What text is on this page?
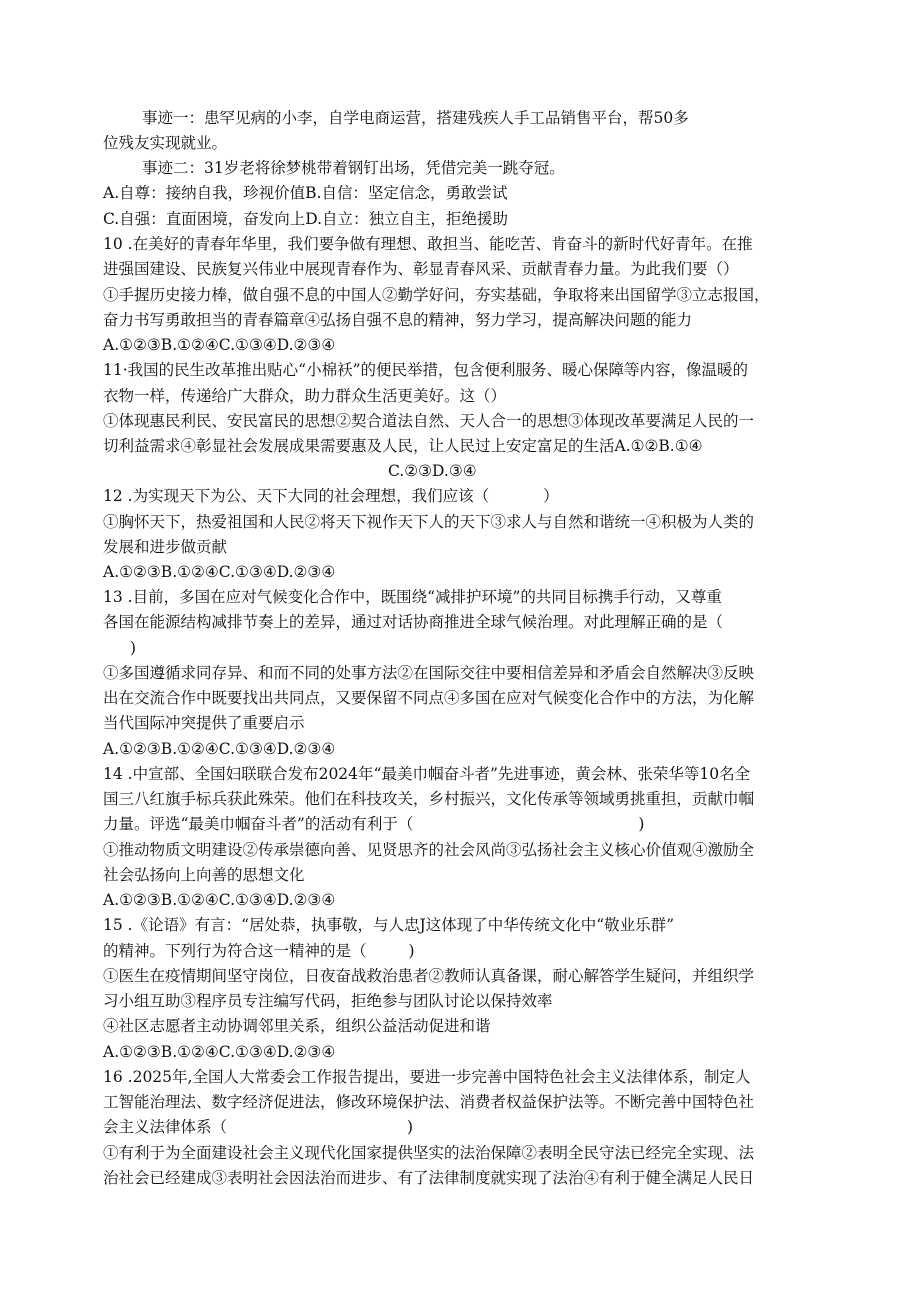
事迹一：患罕见病的小李，自学电商运营，搭建残疾人手工品销售平台，帮50多
位残友实现就业。
事迹二：31岁老将徐梦桃带着钢钉出场，凭借完美一跳夺冠。
A.自尊：接纳自我，珍视价值B.自信：坚定信念，勇敢尝试
C.自强：直面困境，奋发向上D.自立：独立自主，拒绝援助
10 .在美好的青春年华里，我们要争做有理想、敢担当、能吃苦、肯奋斗的新时代好青年。在推
进强国建设、民族复兴伟业中展现青春作为、彰显青春风采、贡献青春力量。为此我们要（）
①手握历史接力棒，做自强不息的中国人②勤学好问，夯实基础，争取将来出国留学③立志报国，
奋力书写勇敢担当的青春篇章④弘扬自强不息的精神，努力学习，提高解决问题的能力
A.①②③B.①②④C.①③④D.②③④
11·我国的民生改革推出贴心“小棉袄”的便民举措，包含便利服务、暖心保障等内容，像温暖的
衣物一样，传递给广大群众，助力群众生活更美好。这（）
①体现惠民利民、安民富民的思想②契合道法自然、天人合一的思想③体现改革要满足人民的一
切利益需求④彰显社会发展成果需要惠及人民，让人民过上安定富足的生活A.①②B.①④
C.②③D.③④
12 .为实现天下为公、天下大同的社会理想，我们应该（	）
①胸怀天下，热爱祖国和人民②将天下视作天下人的天下③求人与自然和谐统一④积极为人类的
发展和进步做贡献
A.①②③B.①②④C.①③④D.②③④
13 .目前，多国在应对气候变化合作中，既围绕“减排护环境”的共同目标携手行动，又尊重
各国在能源结构减排节奏上的差异，通过对话协商推进全球气候治理。对此理解正确的是（
)
①多国遵循求同存异、和而不同的处事方法②在国际交往中要相信差异和矛盾会自然解决③反映
出在交流合作中既要找出共同点，又要保留不同点④多国在应对气候变化合作中的方法，为化解
当代国际冲突提供了重要启示
A.①②③B.①②④C.①③④D.②③④
14 .中宣部、全国妇联联合发布2024年“最美巾帼奋斗者”先进事迹，黄会林、张荣华等10名全
国三八红旗手标兵获此殊荣。他们在科技攻关，乡村振兴，文化传承等领域勇挑重担，贡献巾帼
力量。评选“最美巾帼奋斗者”的活动有利于（	)
①推动物质文明建设②传承崇德向善、见贤思齐的社会风尚③弘扬社会主义核心价值观④激励全
社会弘扬向上向善的思想文化
A.①②③B.①②④C.①③④D.②③④
15 .《论语》有言：“居处恭，执事敬，与人忠J这体现了中华传统文化中“敬业乐群”
的精神。下列行为符合这一精神的是（	)
①医生在疫情期间坚守岗位，日夜奋战救治患者②教师认真备课，耐心解答学生疑问，并组织学
习小组互助③程序员专注编写代码，拒绝参与团队讨论以保持效率
④社区志愿者主动协调邻里关系，组织公益活动促进和谐
A.①②③B.①②④C.①③④D.②③④
16 .2025年,全国人大常委会工作报告提出，要进一步完善中国特色社会主义法律体系，制定人
工智能治理法、数字经济促进法，修改环境保护法、消费者权益保护法等。不断完善中国特色社
会主义法律体系（	)
①有利于为全面建设社会主义现代化国家提供坚实的法治保障②表明全民守法已经完全实现、法
治社会已经建成③表明社会因法治而进步、有了法律制度就实现了法治④有利于健全满足人民日
